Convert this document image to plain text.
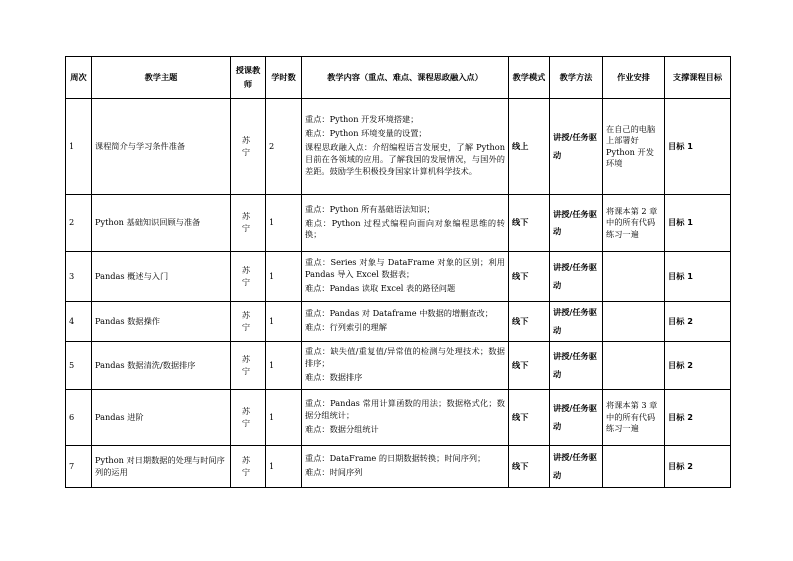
周次	教学主题	授课教师	学时数	教学内容（重点、难点、课程思政融入点）	教学模式	教学方法	作业安排	支撑课程目标
1	课程简介与学习条件准备	苏 宁	2	重点：Python 开发环境搭建；
难点：Python 环境变量的设置；
课程思政融入点：介绍编程语言发展史，了解 Python 目前在各领域的应用。了解我国的发展情况，与国外的差距。鼓励学生积极投身国家计算机科学技术。	线上	讲授/任务驱动	在自己的电脑上部署好 Python 开发环境	目标 1
2	Python 基础知识回顾与准备	苏 宁	1	重点：Python 所有基础语法知识；
难点：Python 过程式编程向面向对象编程思维的转换；	线下	讲授/任务驱动	将课本第 2 章中的所有代码练习一遍	目标 1
3	Pandas 概述与入门	苏 宁	1	重点：Series 对象与 DataFrame 对象的区别；利用 Pandas 导入 Excel 数据表；
难点：Pandas 读取 Excel 表的路径问题	线下	讲授/任务驱动		目标 1
4	Pandas 数据操作	苏 宁	1	重点：Pandas 对 Dataframe 中数据的增删查改；
难点：行列索引的理解	线下	讲授/任务驱动		目标 2
5	Pandas 数据清洗/数据排序	苏 宁	1	重点：缺失值/重复值/异常值的检测与处理技术；数据排序；
难点：数据排序	线下	讲授/任务驱动		目标 2
6	Pandas 进阶	苏 宁	1	重点：Pandas 常用计算函数的用法；数据格式化；数据分组统计；
难点：数据分组统计	线下	讲授/任务驱动	将课本第 3 章中的所有代码练习一遍	目标 2
7	Python 对日期数据的处理与时间序列的运用	苏 宁	1	重点：DataFrame 的日期数据转换；时间序列；
难点：时间序列	线下	讲授/任务驱动		目标 2
